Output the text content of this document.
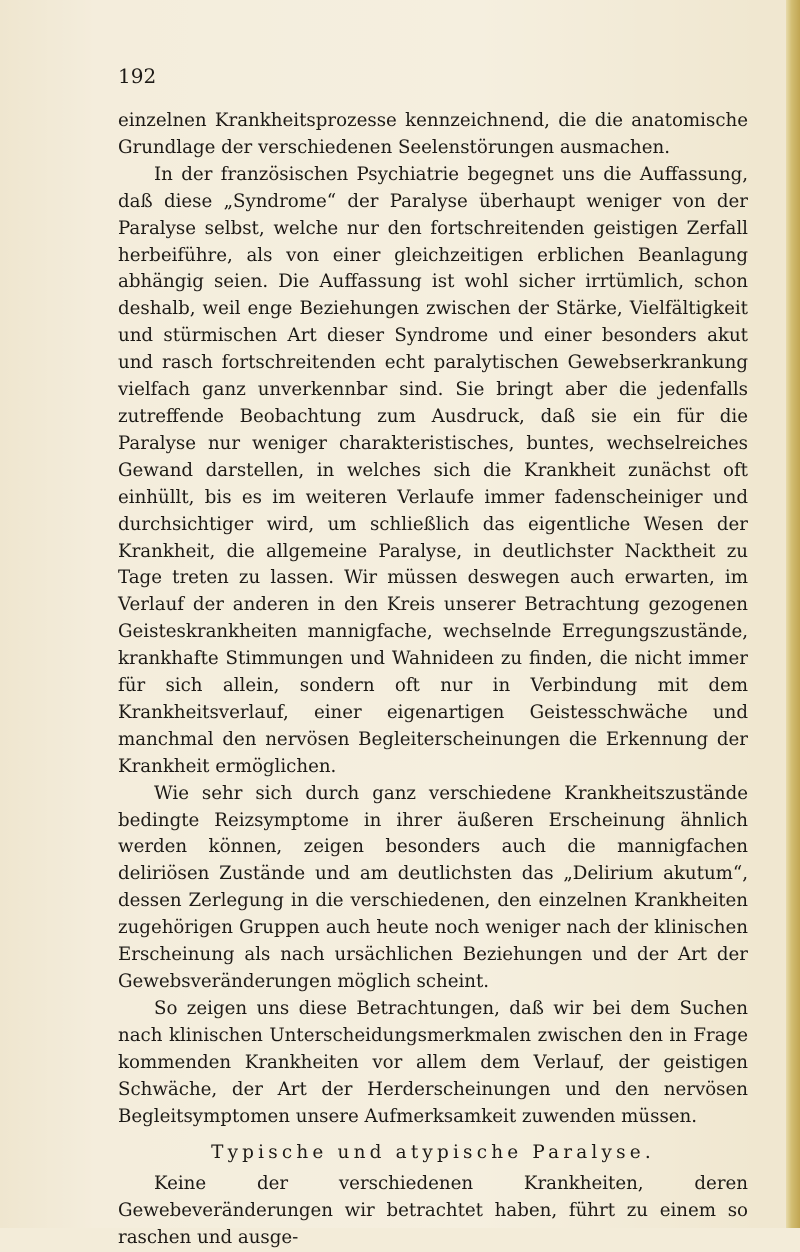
192

einzelnen Krankheitsprozesse kennzeichnend, die die anatomische Grundlage der verschiedenen Seelenstörungen ausmachen.

In der französischen Psychiatrie begegnet uns die Auffassung, daß diese „Syndrome“ der Paralyse überhaupt weniger von der Paralyse selbst, welche nur den fortschreitenden geistigen Zerfall herbeiführe, als von einer gleichzeitigen erblichen Beanlagung abhängig seien. Die Auffassung ist wohl sicher irrtümlich, schon deshalb, weil enge Beziehungen zwischen der Stärke, Vielfältigkeit und stürmischen Art dieser Syndrome und einer besonders akut und rasch fortschreitenden echt paralytischen Gewebserkrankung vielfach ganz unverkennbar sind. Sie bringt aber die jedenfalls zutreffende Beobachtung zum Ausdruck, daß sie ein für die Paralyse nur weniger charakteristisches, buntes, wechselreiches Gewand darstellen, in welches sich die Krankheit zunächst oft einhüllt, bis es im weiteren Verlaufe immer fadenscheiniger und durchsichtiger wird, um schließlich das eigentliche Wesen der Krankheit, die allgemeine Paralyse, in deutlichster Nacktheit zu Tage treten zu lassen. Wir müssen deswegen auch erwarten, im Verlauf der anderen in den Kreis unserer Betrachtung gezogenen Geisteskrankheiten mannigfache, wechselnde Erregungszustände, krankhafte Stimmungen und Wahnideen zu finden, die nicht immer für sich allein, sondern oft nur in Verbindung mit dem Krankheitsverlauf, einer eigenartigen Geistesschwäche und manchmal den nervösen Begleiterscheinungen die Erkennung der Krankheit ermöglichen.

Wie sehr sich durch ganz verschiedene Krankheitszustände bedingte Reizsymptome in ihrer äußeren Erscheinung ähnlich werden können, zeigen besonders auch die mannigfachen deliriösen Zustände und am deutlichsten das „Delirium akutum“, dessen Zerlegung in die verschiedenen, den einzelnen Krankheiten zugehörigen Gruppen auch heute noch weniger nach der klinischen Erscheinung als nach ursächlichen Beziehungen und der Art der Gewebsveränderungen möglich scheint.

So zeigen uns diese Betrachtungen, daß wir bei dem Suchen nach klinischen Unterscheidungsmerkmalen zwischen den in Frage kommenden Krankheiten vor allem dem Verlauf, der geistigen Schwäche, der Art der Herderscheinungen und den nervösen Begleitsymptomen unsere Aufmerksamkeit zuwenden müssen.

Typische und atypische Paralyse.

Keine der verschiedenen Krankheiten, deren Gewebeveränderungen wir betrachtet haben, führt zu einem so raschen und ausge-
